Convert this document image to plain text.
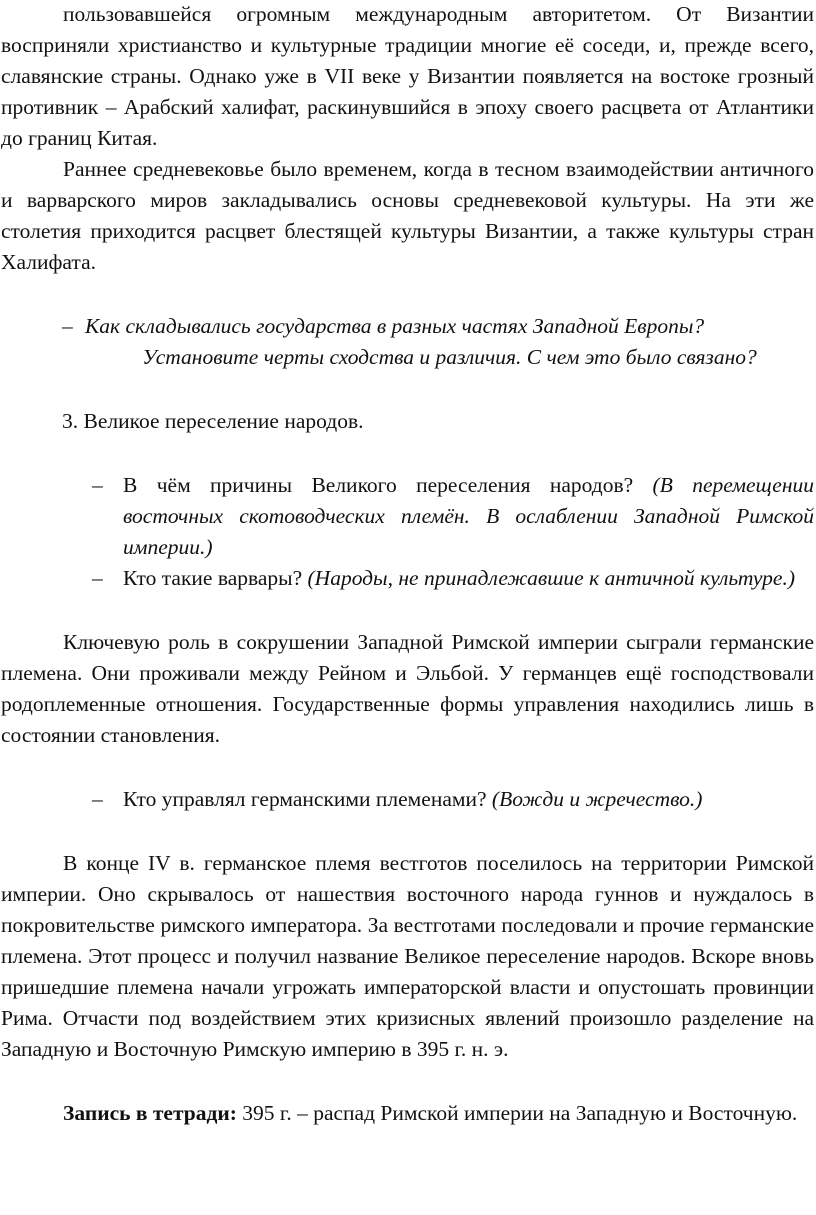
пользовавшейся огромным международным авторитетом. От Византии восприняли христианство и культурные традиции многие её соседи, и, прежде всего, славянские страны. Однако уже в VII веке у Византии появляется на востоке грозный противник – Арабский халифат, раскинувшийся в эпоху своего расцвета от Атлантики до границ Китая.

Раннее средневековье было временем, когда в тесном взаимодействии античного и варварского миров закладывались основы средневековой культуры. На эти же столетия приходится расцвет блестящей культуры Византии, а также культуры стран Халифата.

– Как складывались государства в разных частях Западной Европы?
Установите черты сходства и различия. С чем это было связано?

3. Великое переселение народов.

– В чём причины Великого переселения народов? (В перемещении восточных скотоводческих племён. В ослаблении Западной Римской империи.)
– Кто такие варвары? (Народы, не принадлежавшие к античной культуре.)

Ключевую роль в сокрушении Западной Римской империи сыграли германские племена. Они проживали между Рейном и Эльбой. У германцев ещё господствовали родоплеменные отношения. Государственные формы управления находились лишь в состоянии становления.

– Кто управлял германскими племенами? (Вожди и жречество.)

В конце IV в. германское племя вестготов поселилось на территории Римской империи. Оно скрывалось от нашествия восточного народа гуннов и нуждалось в покровительстве римского императора. За вестготами последовали и прочие германские племена. Этот процесс и получил название Великое переселение народов. Вскоре вновь пришедшие племена начали угрожать императорской власти и опустошать провинции Рима. Отчасти под воздействием этих кризисных явлений произошло разделение на Западную и Восточную Римскую империю в 395 г. н. э.

Запись в тетради: 395 г. – распад Римской империи на Западную и Восточную.
